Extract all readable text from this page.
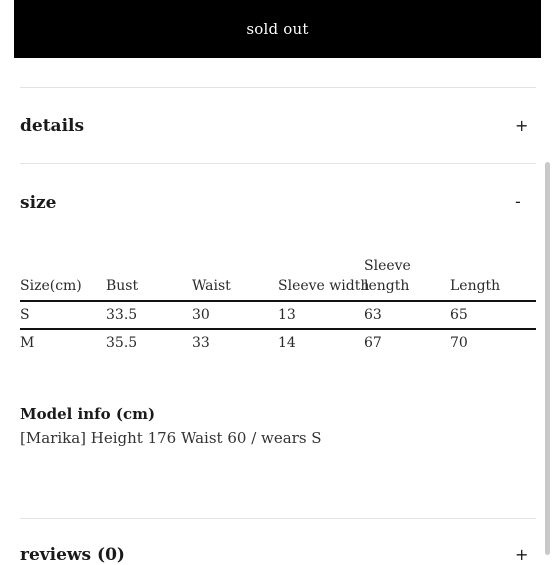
sold out
details	+
size	-
Size(cm)	Bust	Waist	Sleeve width	Sleeve length	Length
S	33.5	30	13	63	65
M	35.5	33	14	67	70
Model info (cm)
[Marika] Height 176 Waist 60 / wears S
reviews (0)	+
